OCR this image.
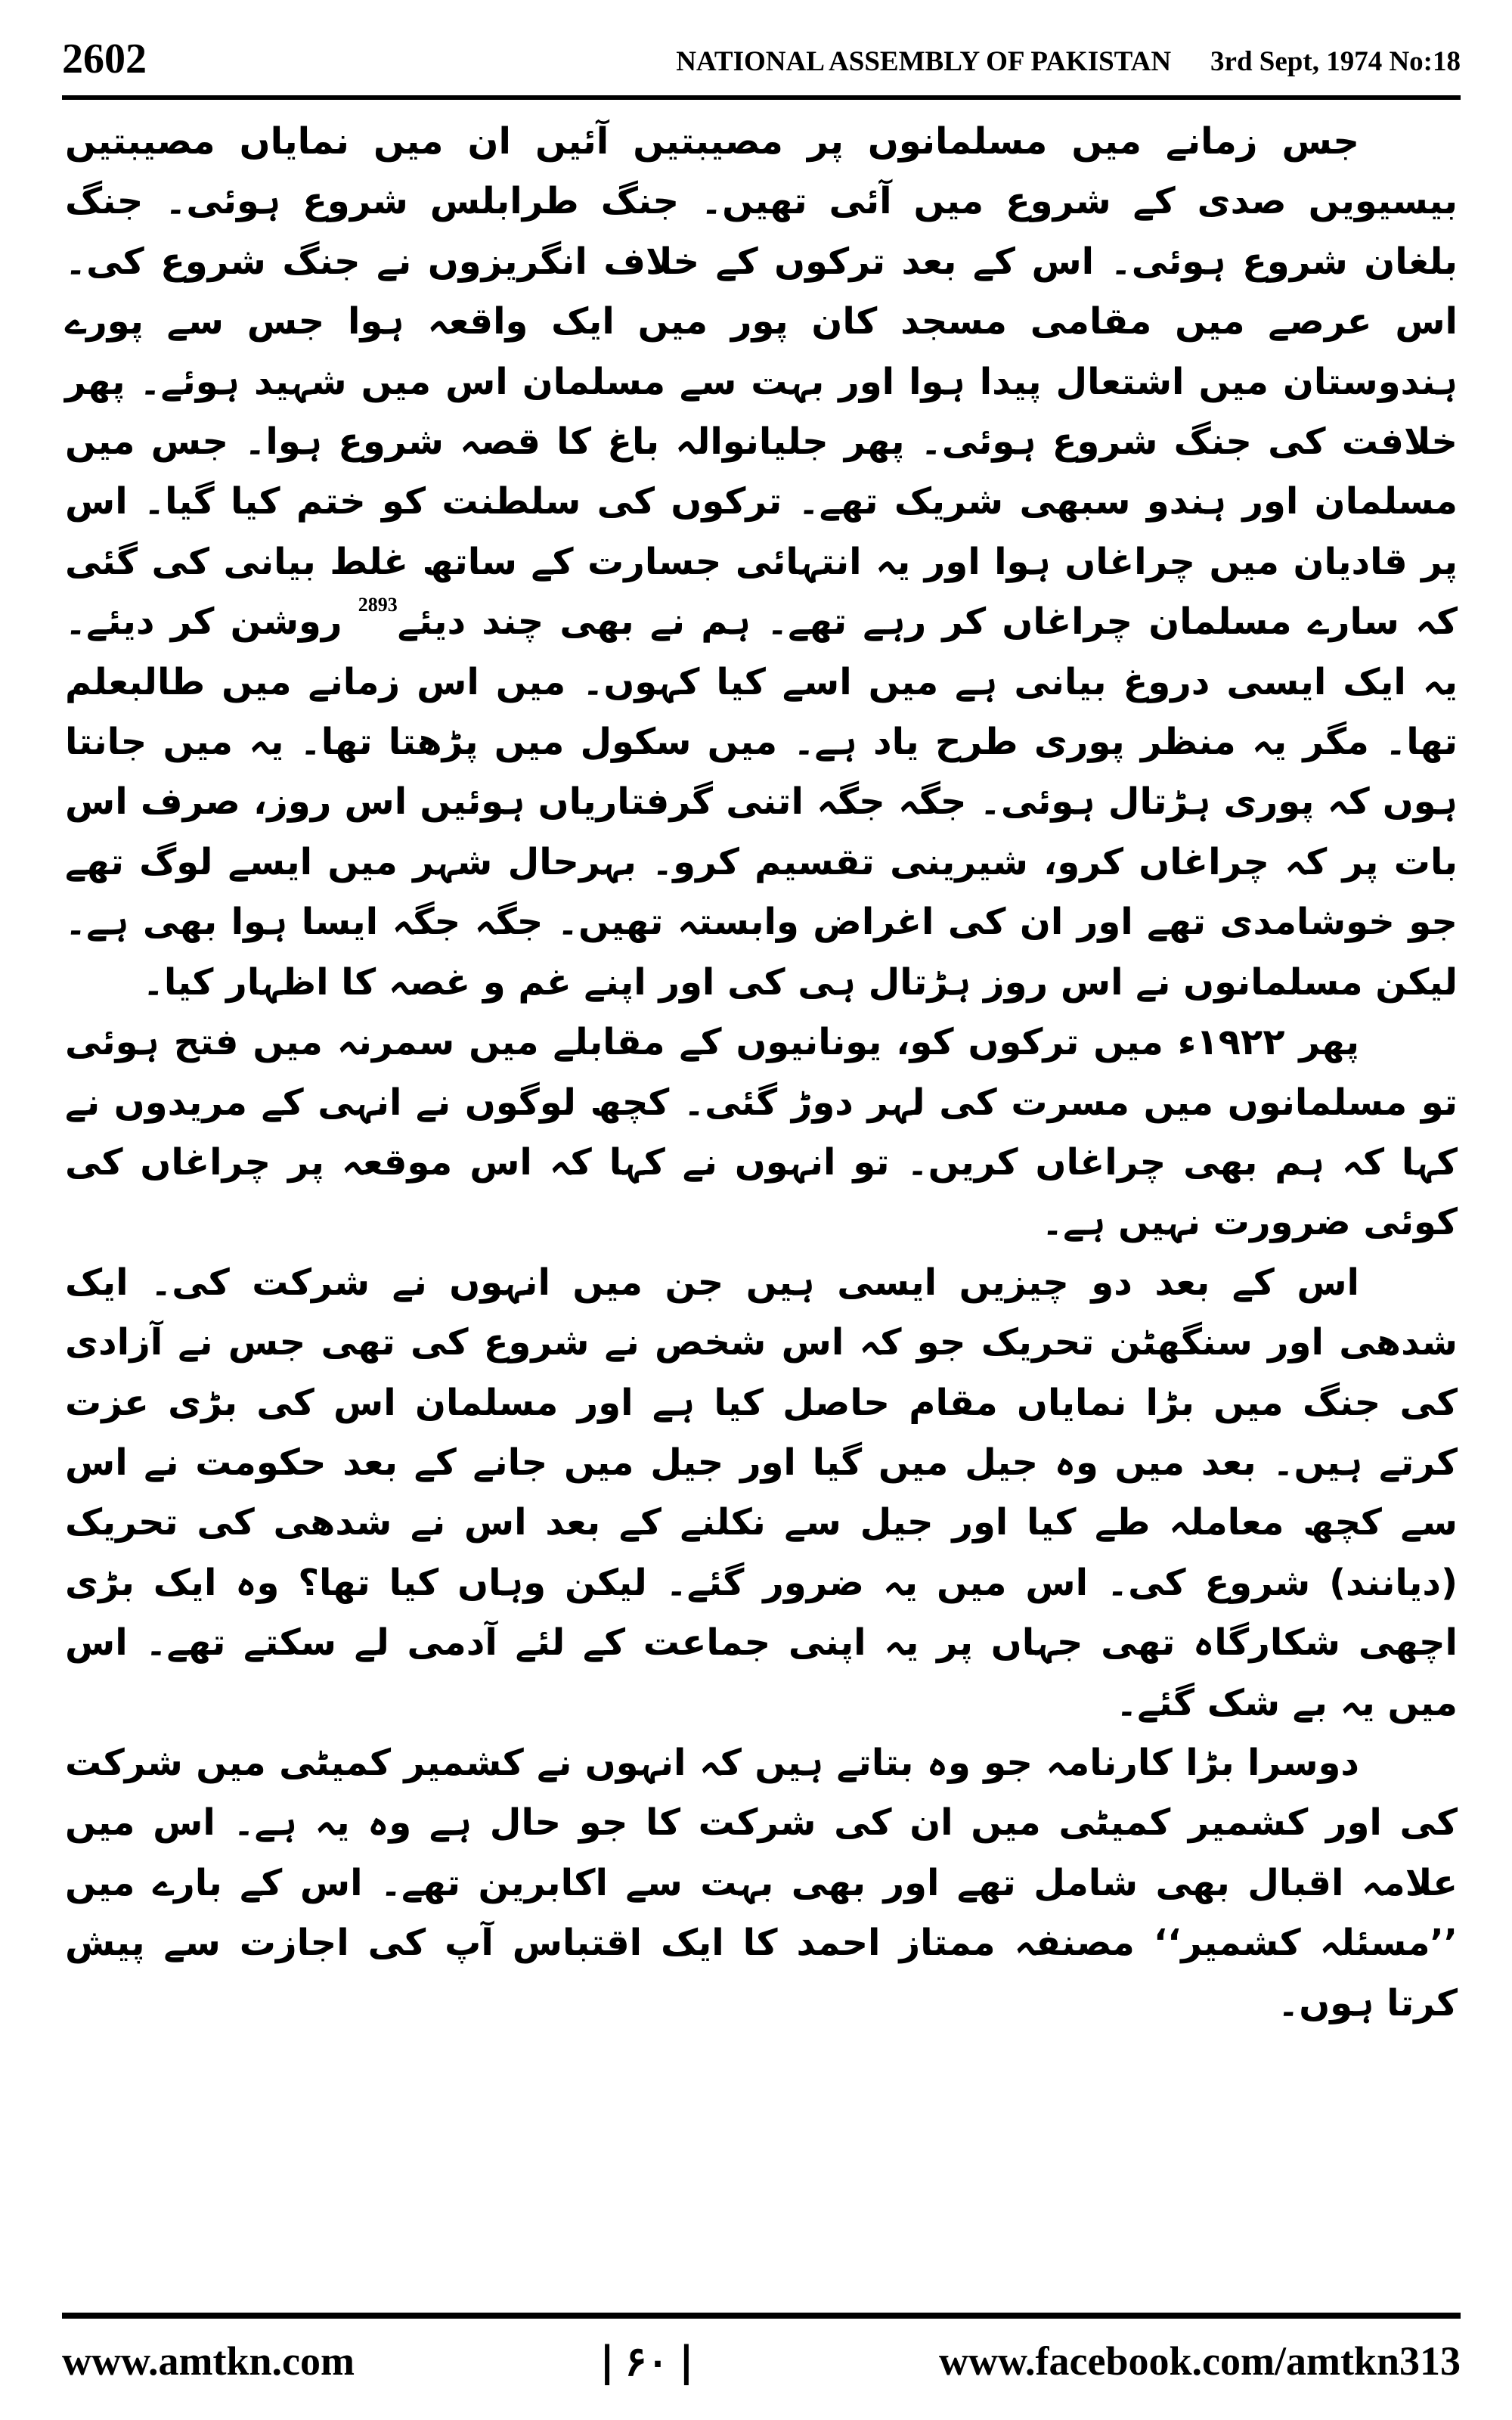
2602	NATIONAL ASSEMBLY OF PAKISTAN 3rd Sept, 1974 No:18

جس زمانے میں مسلمانوں پر مصیبتیں آئیں ان میں نمایاں مصیبتیں بیسیویں صدی کے شروع میں آئی تھیں۔ جنگ طرابلس شروع ہوئی۔ جنگ بلغان شروع ہوئی۔ اس کے بعد ترکوں کے خلاف انگریزوں نے جنگ شروع کی۔ اس عرصے میں مقامی مسجد کان پور میں ایک واقعہ ہوا جس سے پورے ہندوستان میں اشتعال پیدا ہوا اور بہت سے مسلمان اس میں شہید ہوئے۔ پھر خلافت کی جنگ شروع ہوئی۔ پھر جلیانوالہ باغ کا قصہ شروع ہوا۔ جس میں مسلمان اور ہندو سبھی شریک تھے۔ ترکوں کی سلطنت کو ختم کیا گیا۔ اس پر قادیان میں چراغاں ہوا اور یہ انتہائی جسارت کے ساتھ غلط بیانی کی گئی کہ سارے مسلمان چراغاں کر رہے تھے۔ ہم نے بھی چند دیئے$^{2893}$ روشن کر دیئے۔ یہ ایک ایسی دروغ بیانی ہے میں اسے کیا کہوں۔ میں اس زمانے میں طالبعلم تھا۔ مگر یہ منظر پوری طرح یاد ہے۔ میں سکول میں پڑھتا تھا۔ یہ میں جانتا ہوں کہ پوری ہڑتال ہوئی۔ جگہ جگہ اتنی گرفتاریاں ہوئیں اس روز، صرف اس بات پر کہ چراغاں کرو، شیرینی تقسیم کرو۔ بہرحال شہر میں ایسے لوگ تھے جو خوشامدی تھے اور ان کی اغراض وابستہ تھیں۔ جگہ جگہ ایسا ہوا بھی ہے۔ لیکن مسلمانوں نے اس روز ہڑتال ہی کی اور اپنے غم و غصہ کا اظہار کیا۔

پھر ۱۹۲۲ء میں ترکوں کو، یونانیوں کے مقابلے میں سمرنہ میں فتح ہوئی تو مسلمانوں میں مسرت کی لہر دوڑ گئی۔ کچھ لوگوں نے انہی کے مریدوں نے کہا کہ ہم بھی چراغاں کریں۔ تو انہوں نے کہا کہ اس موقعہ پر چراغاں کی کوئی ضرورت نہیں ہے۔

اس کے بعد دو چیزیں ایسی ہیں جن میں انہوں نے شرکت کی۔ ایک شدھی اور سنگھٹن تحریک جو کہ اس شخص نے شروع کی تھی جس نے آزادی کی جنگ میں بڑا نمایاں مقام حاصل کیا ہے اور مسلمان اس کی بڑی عزت کرتے ہیں۔ بعد میں وہ جیل میں گیا اور جیل میں جانے کے بعد حکومت نے اس سے کچھ معاملہ طے کیا اور جیل سے نکلنے کے بعد اس نے شدھی کی تحریک (دیانند) شروع کی۔ اس میں یہ ضرور گئے۔ لیکن وہاں کیا تھا؟ وہ ایک بڑی اچھی شکارگاہ تھی جہاں پر یہ اپنی جماعت کے لئے آدمی لے سکتے تھے۔ اس میں یہ بے شک گئے۔

دوسرا بڑا کارنامہ جو وہ بتاتے ہیں کہ انہوں نے کشمیر کمیٹی میں شرکت کی اور کشمیر کمیٹی میں ان کی شرکت کا جو حال ہے وہ یہ ہے۔ اس میں علامہ اقبال بھی شامل تھے اور بھی بہت سے اکابرین تھے۔ اس کے بارے میں ’’مسئلہ کشمیر‘‘ مصنفہ ممتاز احمد کا ایک اقتباس آپ کی اجازت سے پیش کرتا ہوں۔

www.amtkn.com	| ۶۰ |	www.facebook.com/amtkn313
